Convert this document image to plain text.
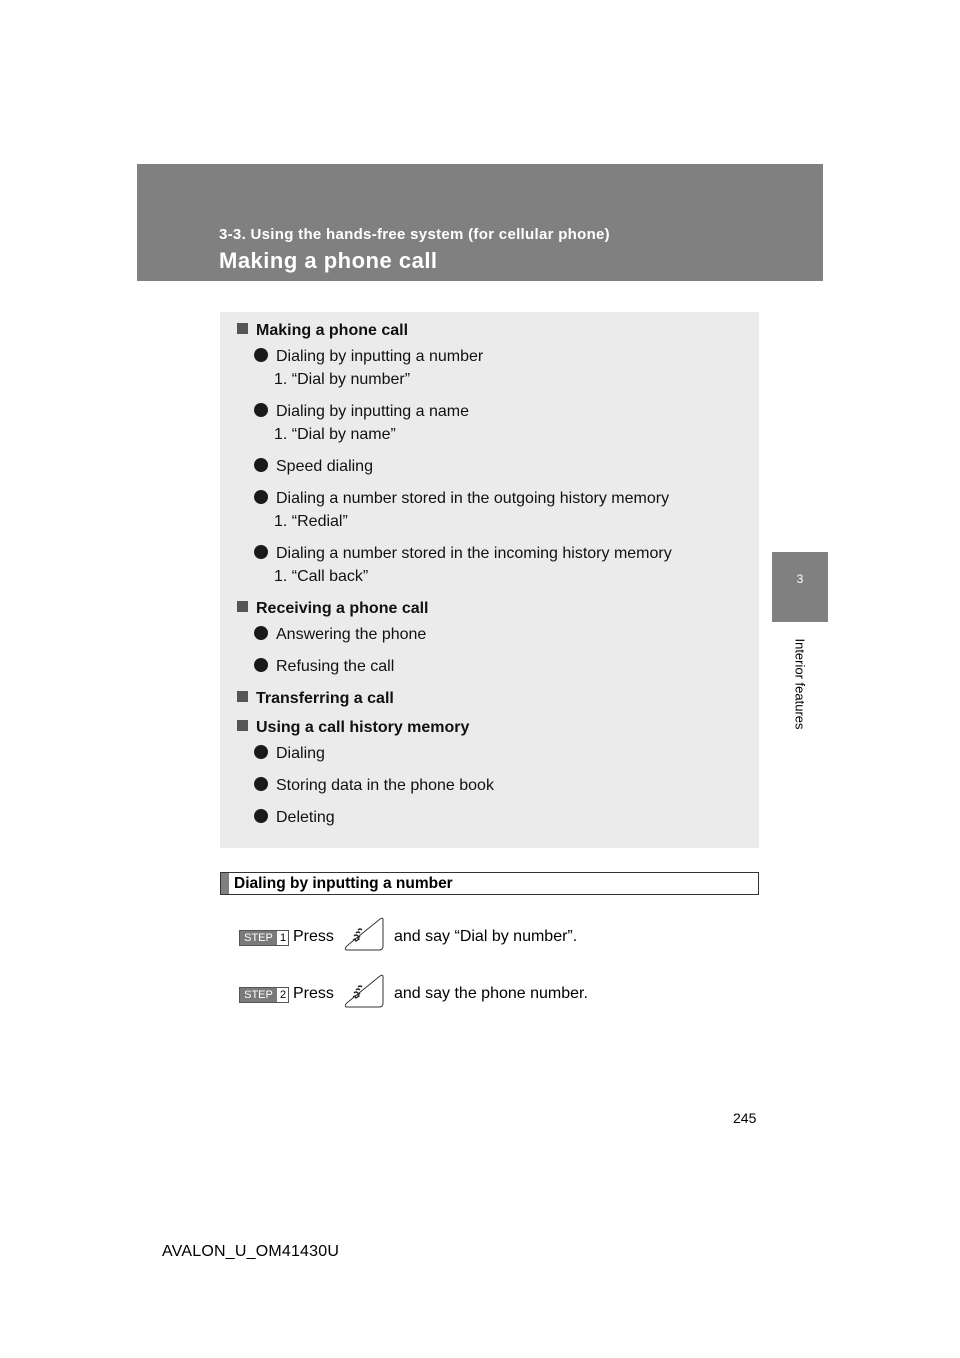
3-3. Using the hands-free system (for cellular phone)
Making a phone call
3
Interior features
Making a phone call
Dialing by inputting a number
1. “Dial by number”
Dialing by inputting a name
1. “Dial by name”
Speed dialing
Dialing a number stored in the outgoing history memory
1. “Redial”
Dialing a number stored in the incoming history memory
1. “Call back”
Receiving a phone call
Answering the phone
Refusing the call
Transferring a call
Using a call history memory
Dialing
Storing data in the phone book
Deleting
Dialing by inputting a number
STEP 1 Press	and say “Dial by number”.
STEP 2 Press	and say the phone number.
245
AVALON_U_OM41430U
